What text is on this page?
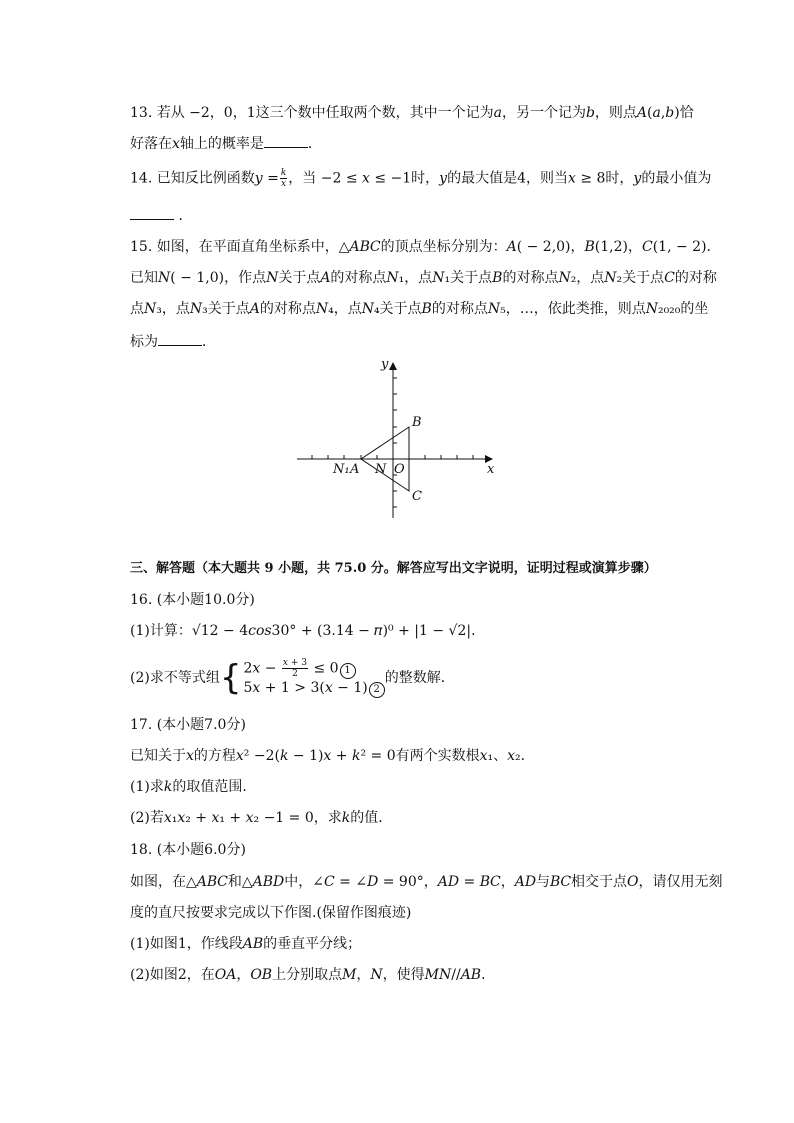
13. 若从 −2，0，1这三个数中任取两个数，其中一个记为𝑎，另一个记为𝑏，则点𝐴(𝑎,𝑏)恰
好落在𝑥轴上的概率是	．
14. 已知反比例函数𝑦 = $\frac{\text{𝑘}}{\text{𝑥}}$ ，当 −2 ≤ 𝑥 ≤ −1时，𝑦的最大值是4，则当𝑥 ≥ 8时，𝑦的最小值为
．
15. 如图，在平面直角坐标系中，△𝐴𝐵𝐶的顶点坐标分别为：𝐴( − 2,0)，𝐵(1,2)，𝐶(1, − 2)．
已知𝑁( − 1,0)，作点𝑁关于点𝐴的对称点𝑁₁，点𝑁₁关于点𝐵的对称点𝑁₂，点𝑁₂关于点𝐶的对称
点𝑁₃，点𝑁₃关于点𝐴的对称点𝑁₄，点𝑁₄关于点𝐵的对称点𝑁₅，…，依此类推，则点𝑁₂₀₂₀的坐
标为	．
y
x
B
C
O
N
A
N₁
三、解答题（本大题共 9 小题，共 75.0 分。解答应写出文字说明，证明过程或演算步骤）
16. (本小题10.0分)
(1)计算：√12 − 4𝑐𝑜𝑠30° + (3.14 − 𝜋)⁰ + |1 − √2|．
(2)求不等式组 { 2𝑥 − $\frac{\text{𝑥 + 3}}{2} \le 0$ 1
5𝑥 + 1 > 3(𝑥 − 1) 2
的整数解．
17. (本小题7.0分)
已知关于𝑥的方程𝑥² −2(𝑘 − 1)𝑥 + 𝑘² = 0有两个实数根𝑥₁、𝑥₂．
(1)求𝑘的取值范围．
(2)若𝑥₁𝑥₂ + 𝑥₁ + 𝑥₂ −1 = 0，求𝑘的值．
18. (本小题6.0分)
如图，在△𝐴𝐵𝐶和△𝐴𝐵𝐷中，∠𝐶 = ∠𝐷 = 90°，𝐴𝐷 = 𝐵𝐶，𝐴𝐷与𝐵𝐶相交于点𝑂，请仅用无刻
度的直尺按要求完成以下作图.(保留作图痕迹)
(1)如图1，作线段𝐴𝐵的垂直平分线；
(2)如图2，在𝑂𝐴，𝑂𝐵上分别取点𝑀，𝑁，使得𝑀𝑁//𝐴𝐵．
